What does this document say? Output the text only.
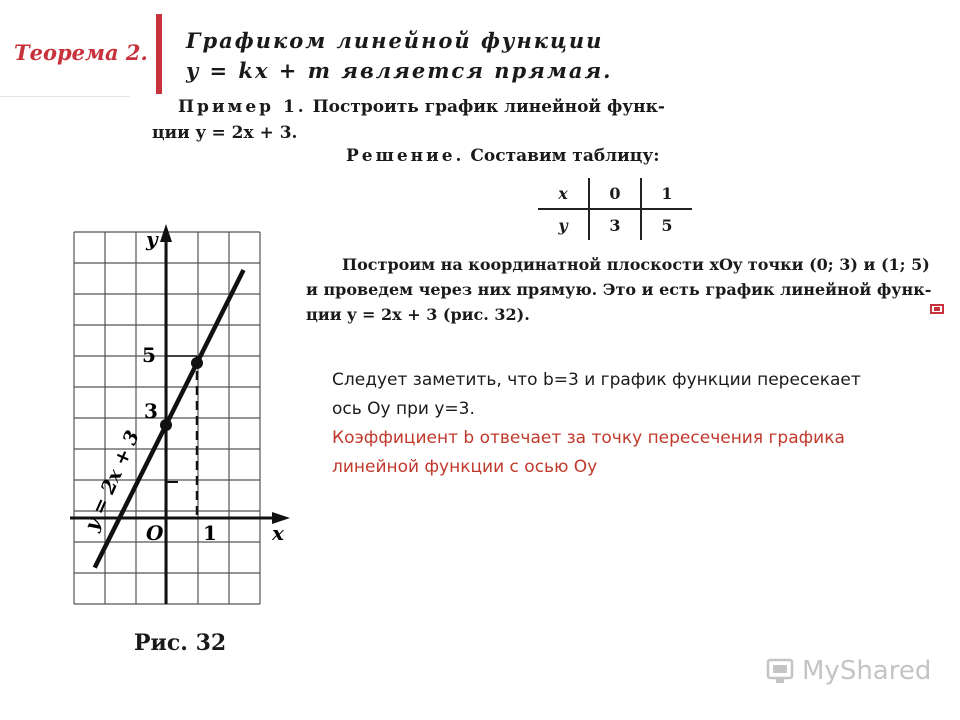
Теорема 2. Графиком линейной функции
y = kx + m является прямая.
Пример 1. Построить график линейной функ-
ции y = 2x + 3.
Решение. Составим таблицу:
x	0	1
y	3	5
Построим на координатной плоскости xOy точки (0; 3) и (1; 5)
и проведем через них прямую. Это и есть график линейной функ-
ции y = 2x + 3 (рис. 32).
Следует заметить, что b=3 и график функции пересекает
ось Oy при y=3.
Коэффициент b отвечает за точку пересечения графика
линейной функции с осью Oy
y
x
O 1
5
3
y = 2x + 3
Рис. 32
MyShared
